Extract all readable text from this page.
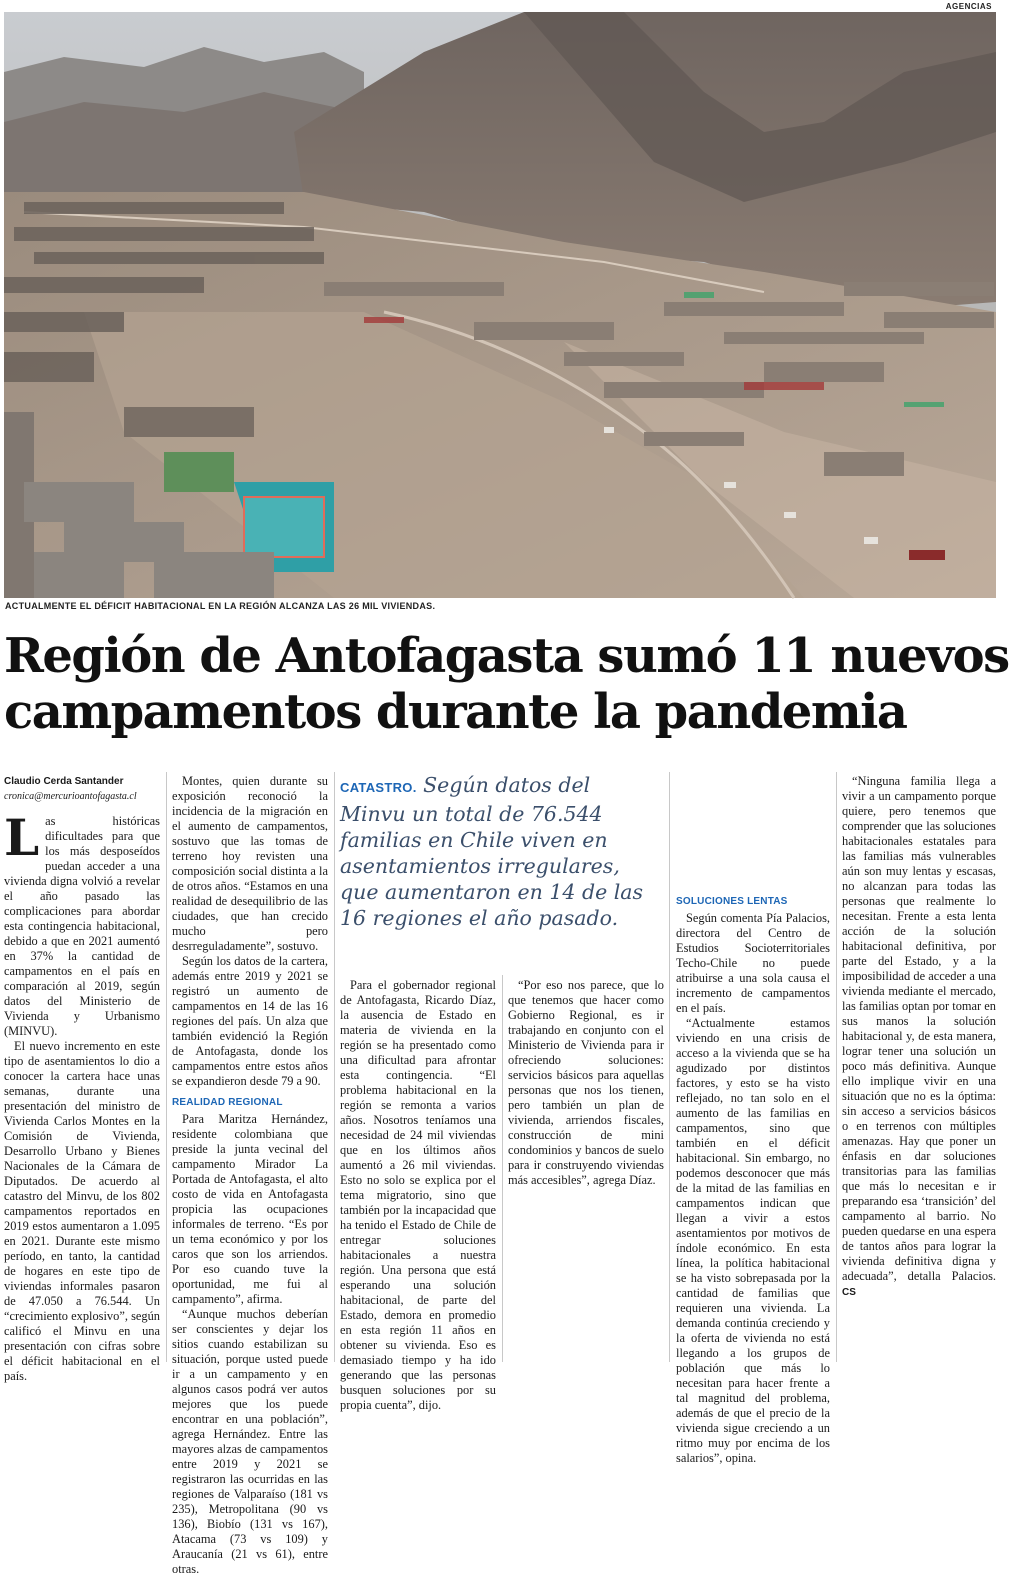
AGENCIAS
ACTUALMENTE EL DÉFICIT HABITACIONAL EN LA REGIÓN ALCANZA LAS 26 MIL VIVIENDAS.
Región de Antofagasta sumó 11 nuevos
campamentos durante la pandemia

Claudio Cerda Santander

cronica@mercurioantofagasta.cl

Las históricas dificultades para que los más desposeídos puedan acceder a una vivienda digna volvió a revelar el año pasado las complicaciones para abordar esta contingencia habitacional, debido a que en 2021 aumentó en 37% la cantidad de campamentos en el país en comparación al 2019, según datos del Ministerio de Vivienda y Urbanismo (MINVU).

El nuevo incremento en este tipo de asentamientos lo dio a conocer la cartera hace unas semanas, durante una presentación del ministro de Vivienda Carlos Montes en la Comisión de Vivienda, Desarrollo Urbano y Bienes Nacionales de la Cámara de Diputados. De acuerdo al catastro del Minvu, de los 802 campamentos reportados en 2019 estos aumentaron a 1.095 en 2021. Durante este mismo período, en tanto, la cantidad de hogares en este tipo de viviendas informales pasaron de 47.050 a 76.544. Un “crecimiento explosivo”, según calificó el Minvu en una presentación con cifras sobre el déficit habitacional en el país.

Montes, quien durante su exposición reconoció la incidencia de la migración en el aumento de campamentos, sostuvo que las tomas de terreno hoy revisten una composición social distinta a la de otros años. “Estamos en una realidad de desequilibrio de las ciudades, que han crecido mucho pero desrreguladamente”, sostuvo.

Según los datos de la cartera, además entre 2019 y 2021 se registró un aumento de campamentos en 14 de las 16 regiones del país. Un alza que también evidenció la Región de Antofagasta, donde los campamentos entre estos años se expandieron desde 79 a 90.

REALIDAD REGIONAL

Para Maritza Hernández, residente colombiana que preside la junta vecinal del campamento Mirador La Portada de Antofagasta, el alto costo de vida en Antofagasta propicia las ocupaciones informales de terreno. “Es por un tema económico y por los caros que son los arriendos. Por eso cuando tuve la oportunidad, me fui al campamento”, afirma.

“Aunque muchos deberían ser conscientes y dejar los sitios cuando estabilizan su situación, porque usted puede ir a un campamento y en algunos casos podrá ver autos mejores que los puede encontrar en una población”, agrega Hernández. Entre las mayores alzas de campamentos entre 2019 y 2021 se registraron las ocurridas en las regiones de Valparaíso (181 vs 235), Metropolitana (90 vs 136), Biobío (131 vs 167), Atacama (73 vs 109) y Araucanía (21 vs 61), entre otras.

CATASTRO. Según datos del Minvu un total de 76.544 familias en Chile viven en asentamientos irregulares, que aumentaron en 14 de las 16 regiones el año pasado.

Para el gobernador regional de Antofagasta, Ricardo Díaz, la ausencia de Estado en materia de vivienda en la región se ha presentado como una dificultad para afrontar esta contingencia. “El problema habitacional en la región se remonta a varios años. Nosotros teníamos una necesidad de 24 mil viviendas que en los últimos años aumentó a 26 mil viviendas. Esto no solo se explica por el tema migratorio, sino que también por la incapacidad que ha tenido el Estado de Chile de entregar soluciones habitacionales a nuestra región. Una persona que está esperando una solución habitacional, de parte del Estado, demora en promedio en esta región 11 años en obtener su vivienda. Eso es demasiado tiempo y ha ido generando que las personas busquen soluciones por su propia cuenta”, dijo.

“Por eso nos parece, que lo que tenemos que hacer como Gobierno Regional, es ir trabajando en conjunto con el Ministerio de Vivienda para ir ofreciendo soluciones: servicios básicos para aquellas personas que nos los tienen, pero también un plan de vivienda, arriendos fiscales, construcción de mini condominios y bancos de suelo para ir construyendo viviendas más accesibles”, agrega Díaz.

SOLUCIONES LENTAS

Según comenta Pía Palacios, directora del Centro de Estudios Socioterritoriales Techo-Chile no puede atribuirse a una sola causa el incremento de campamentos en el país.

“Actualmente estamos viviendo en una crisis de acceso a la vivienda que se ha agudizado por distintos factores, y esto se ha visto reflejado, no tan solo en el aumento de las familias en campamentos, sino que también en el déficit habitacional. Sin embargo, no podemos desconocer que más de la mitad de las familias en campamentos indican que llegan a vivir a estos asentamientos por motivos de índole económico. En esta línea, la política habitacional se ha visto sobrepasada por la cantidad de familias que requieren una vivienda. La demanda continúa creciendo y la oferta de vivienda no está llegando a los grupos de población que más lo necesitan para hacer frente a tal magnitud del problema, además de que el precio de la vivienda sigue creciendo a un ritmo muy por encima de los salarios”, opina.

“Ninguna familia llega a vivir a un campamento porque quiere, pero tenemos que comprender que las soluciones habitacionales estatales para las familias más vulnerables aún son muy lentas y escasas, no alcanzan para todas las personas que realmente lo necesitan. Frente a esta lenta acción de la solución habitacional definitiva, por parte del Estado, y a la imposibilidad de acceder a una vivienda mediante el mercado, las familias optan por tomar en sus manos la solución habitacional y, de esta manera, lograr tener una solución un poco más definitiva. Aunque ello implique vivir en una situación que no es la óptima: sin acceso a servicios básicos o en terrenos con múltiples amenazas. Hay que poner un énfasis en dar soluciones transitorias para las familias que más lo necesitan e ir preparando esa ‘transición’ del campamento al barrio. No pueden quedarse en una espera de tantos años para lograr la vivienda definitiva digna y adecuada”, detalla Palacios. CS
